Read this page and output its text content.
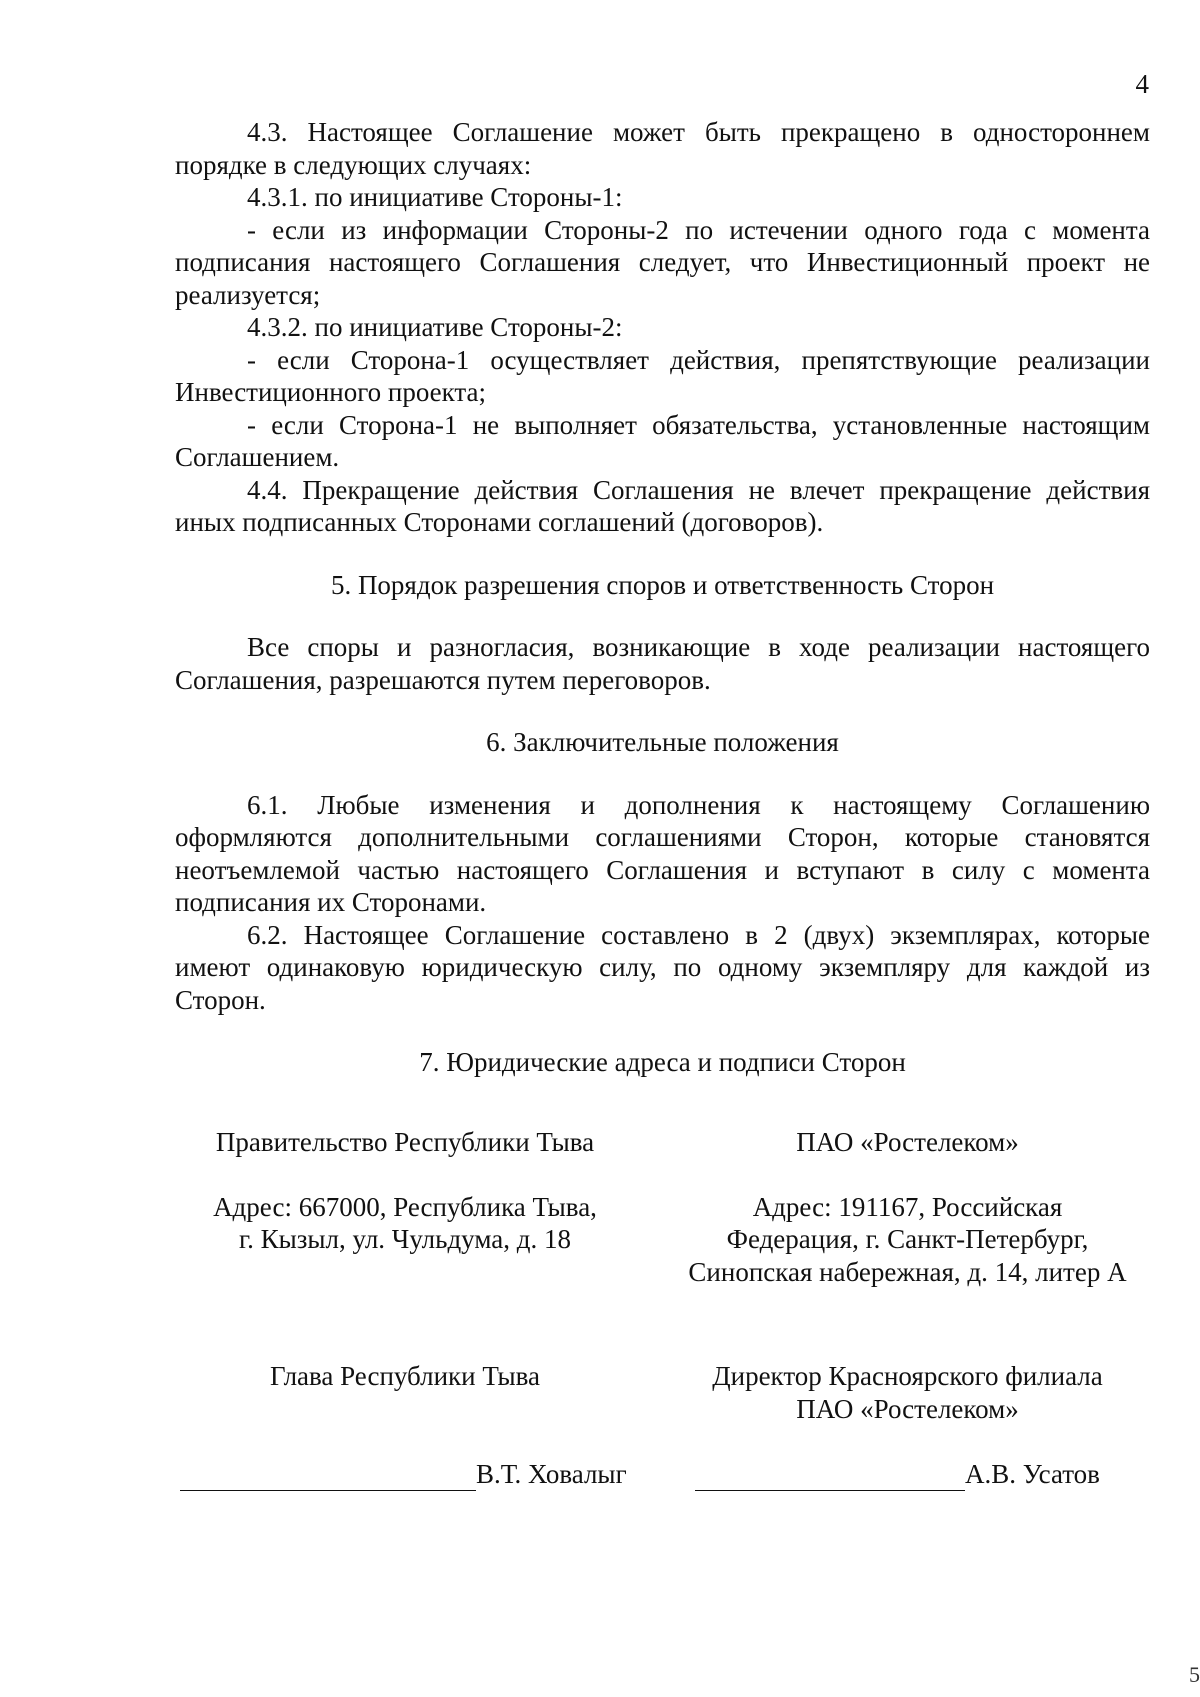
4

4.3. Настоящее Соглашение может быть прекращено в одностороннем порядке в следующих случаях:

4.3.1. по инициативе Стороны-1:

- если из информации Стороны-2 по истечении одного года с момента подписания настоящего Соглашения следует, что Инвестиционный проект не реализуется;

4.3.2. по инициативе Стороны-2:

- если Сторона-1 осуществляет действия, препятствующие реализации Инвестиционного проекта;

- если Сторона-1 не выполняет обязательства, установленные настоящим Соглашением.

4.4. Прекращение действия Соглашения не влечет прекращение действия иных подписанных Сторонами соглашений (договоров).

5. Порядок разрешения споров и ответственность Сторон

Все споры и разногласия, возникающие в ходе реализации настоящего Соглашения, разрешаются путем переговоров.

6. Заключительные положения

6.1. Любые изменения и дополнения к настоящему Соглашению оформляются дополнительными соглашениями Сторон, которые становятся неотъемлемой частью настоящего Соглашения и вступают в силу с момента подписания их Сторонами.

6.2. Настоящее Соглашение составлено в 2 (двух) экземплярах, которые имеют одинаковую юридическую силу, по одному экземпляру для каждой из Сторон.

7. Юридические адреса и подписи Сторон

Правительство Республики Тыва
Адрес: 667000, Республика Тыва,
г. Кызыл, ул. Чульдума, д. 18
ПАО «Ростелеком»
Адрес: 191167, Российская
Федерация, г. Санкт-Петербург,
Синопская набережная, д. 14, литер А
Глава Республики Тыва	Директор Красноярского филиала
ПАО «Ростелеком»
В.Т. Ховалыг	А.В. Усатов
5
